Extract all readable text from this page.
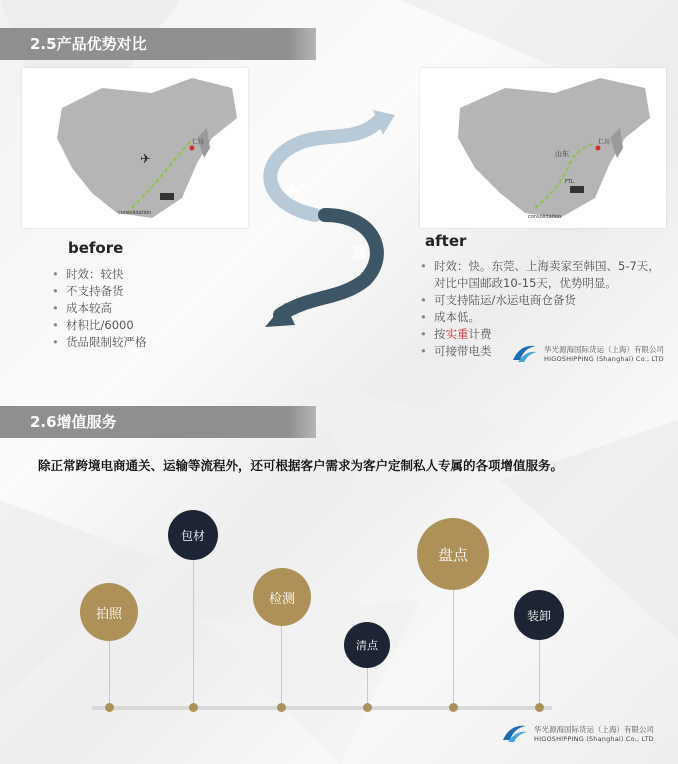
2.5产品优势对比
✈
consolidation
仁川
山东
仁川
FTL
consolidation
✚
▦
before
• 时效：较快
• 不支持备货
• 成本较高
• 材积比/6000
• 货品限制较严格
after
• 时效：快。东莞、上海卖家至韩国、5-7天，对比中国邮政10-15天，优势明显。
• 可支持陆运/水运电商仓备货
• 成本低。
• 按实重计费
• 可接带电类	华光源海国际货运（上海）有限公司
HIGOSHIPPING (Shanghai) Co., LTD
2.6增值服务
除正常跨境电商通关、运输等流程外，还可根据客户需求为客户定制私人专属的各项增值服务。
拍照
包材
检测
清点
盘点
装卸
华光源海国际货运（上海）有限公司
HIGOSHIPPING (Shanghai) Co., LTD
